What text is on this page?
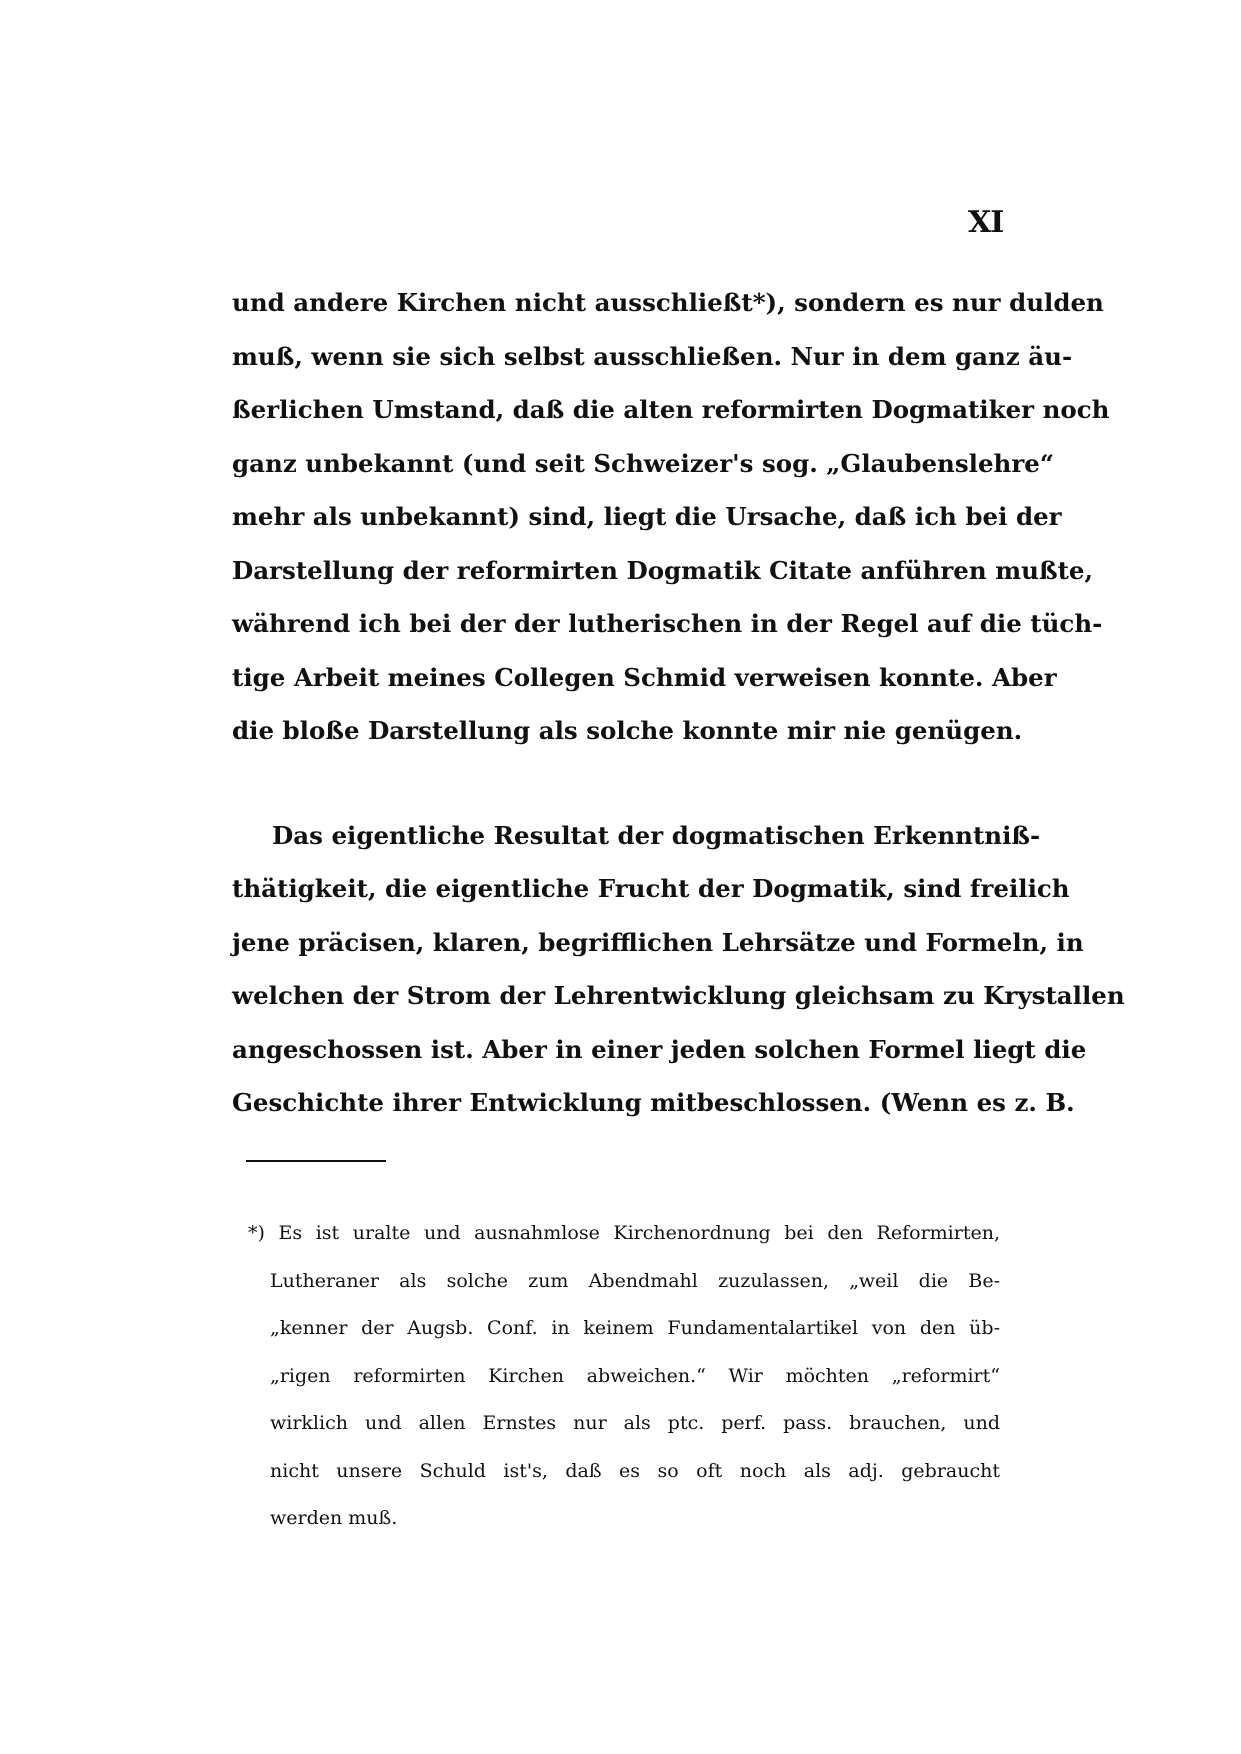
XI
und andere Kirchen nicht ausschließt*), sondern es nur dulden
muß, wenn sie sich selbst ausschließen. Nur in dem ganz äu-
ßerlichen Umstand, daß die alten reformirten Dogmatiker noch
ganz unbekannt (und seit Schweizer's sog. „Glaubenslehre“
mehr als unbekannt) sind, liegt die Ursache, daß ich bei der
Darstellung der reformirten Dogmatik Citate anführen mußte,
während ich bei der der lutherischen in der Regel auf die tüch-
tige Arbeit meines Collegen Schmid verweisen konnte. Aber
die bloße Darstellung als solche konnte mir nie genügen.
Das eigentliche Resultat der dogmatischen Erkenntniß-
thätigkeit, die eigentliche Frucht der Dogmatik, sind freilich
jene präcisen, klaren, begrifflichen Lehrsätze und Formeln, in
welchen der Strom der Lehrentwicklung gleichsam zu Krystallen
angeschossen ist. Aber in einer jeden solchen Formel liegt die
Geschichte ihrer Entwicklung mitbeschlossen. (Wenn es z. B.
*) Es ist uralte und ausnahmlose Kirchenordnung bei den Reformirten,
Lutheraner als solche zum Abendmahl zuzulassen, „weil die Be-
„kenner der Augsb. Conf. in keinem Fundamentalartikel von den üb-
„rigen reformirten Kirchen abweichen.“ Wir möchten „reformirt“
wirklich und allen Ernstes nur als ptc. perf. pass. brauchen, und
nicht unsere Schuld ist's, daß es so oft noch als adj. gebraucht
werden muß.
